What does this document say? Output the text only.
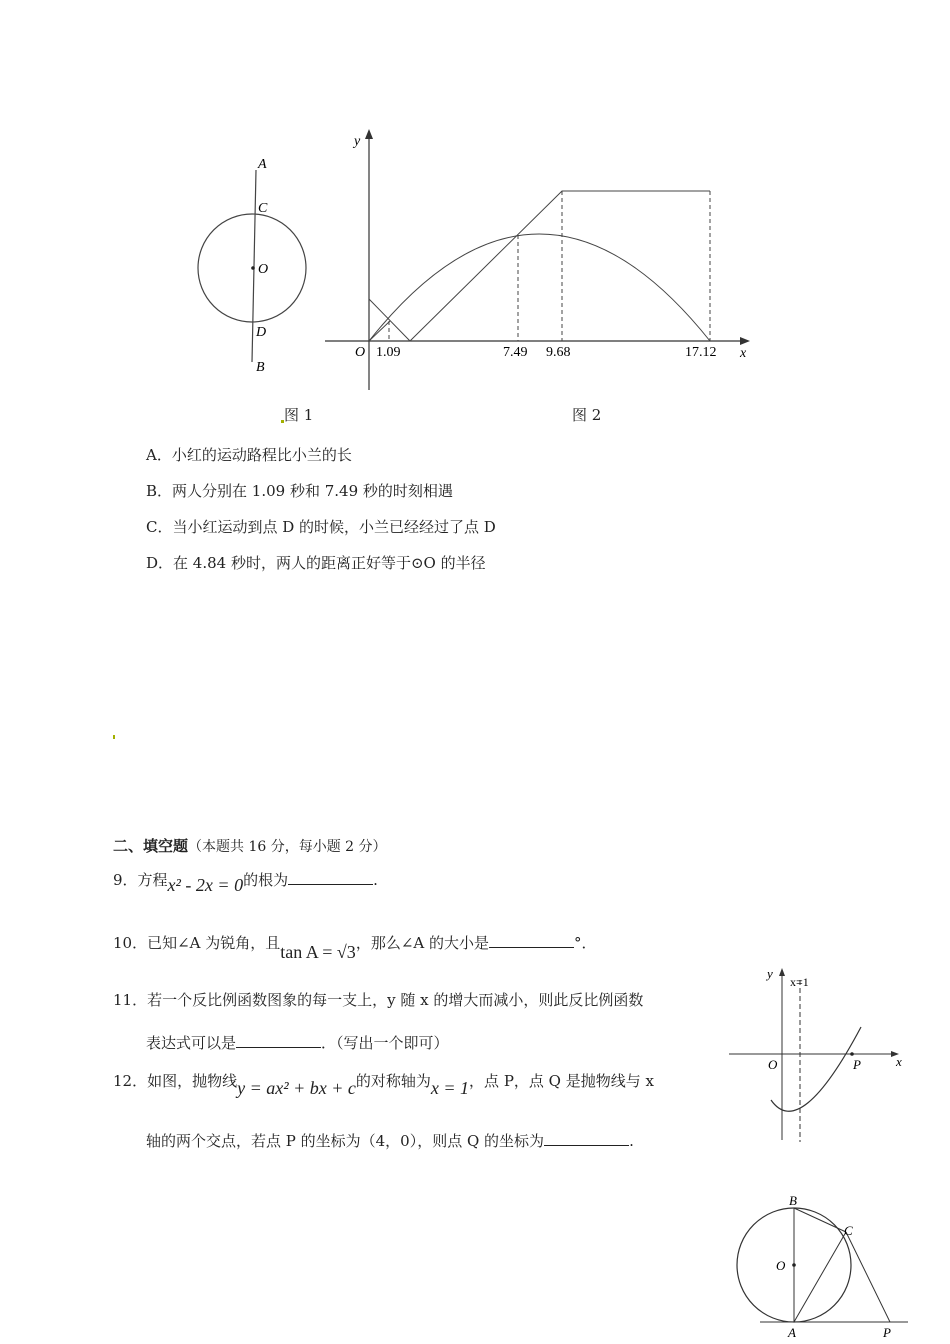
A
C
O
D
B
y
x
O 1.09	7.49 9.68	17.12
图 1	图 2
A．小红的运动路程比小兰的长
B．两人分别在 1.09 秒和 7.49 秒的时刻相遇
C．当小红运动到点 D 的时候，小兰已经经过了点 D
D．在 4.84 秒时，两人的距离正好等于⊙O 的半径
二、填空题（本题共 16 分，每小题 2 分）
9．方程x² - 2x = 0的根为	.
10．已知∠A 为锐角，且tan A = √3，那么∠A 的大小是	°．
11．若一个反比例函数图象的每一支上，y 随 x 的增大而减小，则此反比例函数
表达式可以是	．（写出一个即可）
12．如图，抛物线y = ax² + bx + c的对称轴为x = 1，点 P，点 Q 是抛物线与 x
轴的两个交点，若点 P 的坐标为（4，0），则点 Q 的坐标为	.
y
x=1
x
O	P
B
C
O
A	P
